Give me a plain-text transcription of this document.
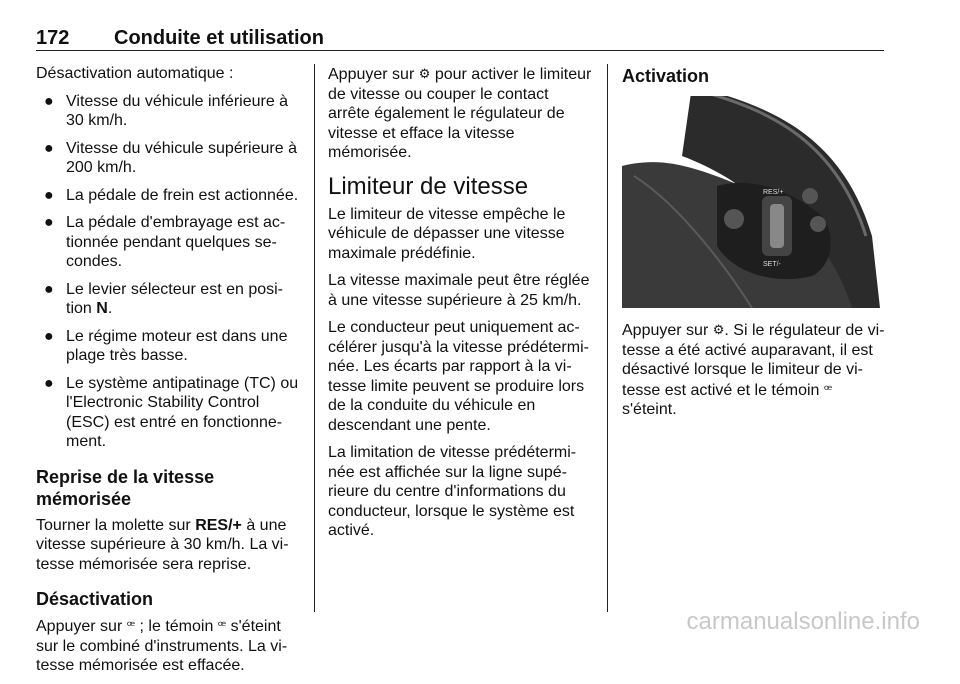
172 Conduite et utilisation

Désactivation automatique :

● Vitesse du véhicule inférieure à 30 km/h.
● Vitesse du véhicule supérieure à 200 km/h.
● La pédale de frein est actionnée.
● La pédale d'embrayage est actionnée pendant quelques secondes.
● Le levier sélecteur est en position N.
● Le régime moteur est dans une plage très basse.
● Le système antipatinage (TC) ou l'Electronic Stability Control (ESC) est entré en fonctionnement.
Reprise de la vitesse mémorisée

Tourner la molette sur RES/+ à une vitesse supérieure à 30 km/h. La vitesse mémorisée sera reprise.

Désactivation

Appuyer sur ꟹ ; le témoin ꟹ s'éteint sur le combiné d'instruments. La vitesse mémorisée est effacée.

Appuyer sur ⚙ pour activer le limiteur de vitesse ou couper le contact arrête également le régulateur de vitesse et efface la vitesse mémorisée.

Limiteur de vitesse

Le limiteur de vitesse empêche le véhicule de dépasser une vitesse maximale prédéfinie.

La vitesse maximale peut être réglée à une vitesse supérieure à 25 km/h.

Le conducteur peut uniquement accélérer jusqu'à la vitesse prédéterminée. Les écarts par rapport à la vitesse limite peuvent se produire lors de la conduite du véhicule en descendant une pente.

La limitation de vitesse prédéterminée est affichée sur la ligne supérieure du centre d'informations du conducteur, lorsque le système est activé.

Activation
RES/+
SET/-

Appuyer sur ⚙. Si le régulateur de vitesse a été activé auparavant, il est désactivé lorsque le limiteur de vitesse est activé et le témoin ꟹ s'éteint.

carmanualsonline.info
